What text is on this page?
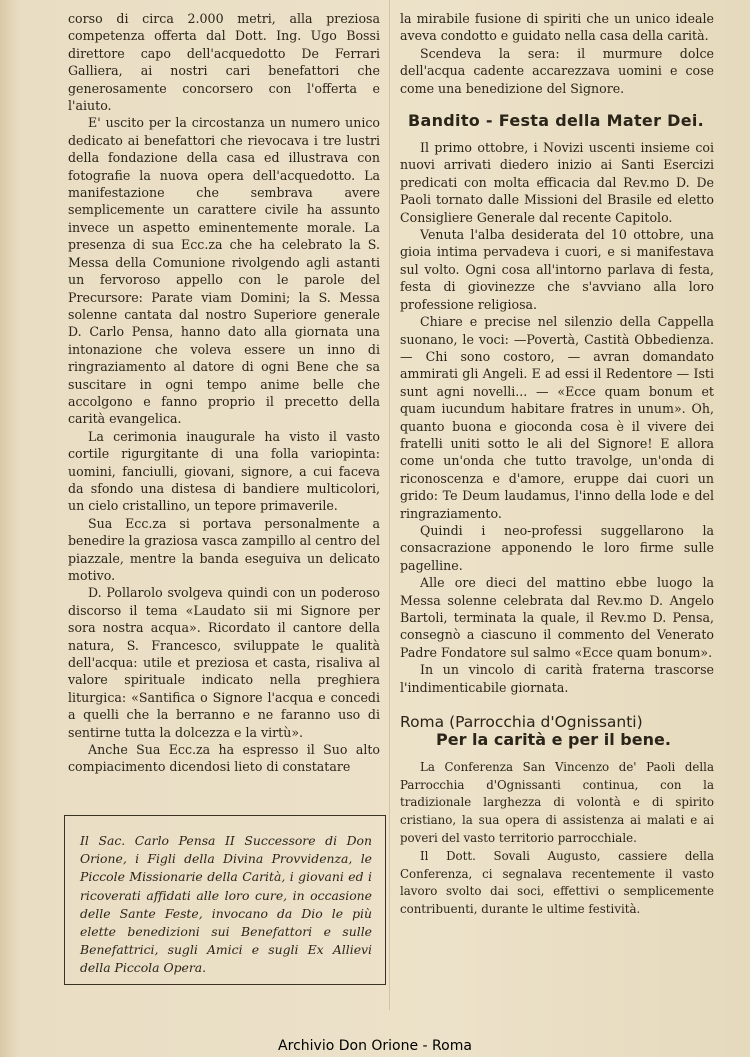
corso di circa 2.000 metri, alla preziosa competenza offerta dal Dott. Ing. Ugo Bossi direttore capo dell'acquedotto De Ferrari Galliera, ai nostri cari benefattori che generosamente concorsero con l'offerta e l'aiuto.

E' uscito per la circostanza un numero unico dedicato ai benefattori che rievocava i tre lustri della fondazione della casa ed illustrava con fotografie la nuova opera dell'acquedotto. La manifestazione che sembrava avere semplicemente un carattere civile ha assunto invece un aspetto eminentemente morale. La presenza di sua Ecc.za che ha celebrato la S. Messa della Comunione rivolgendo agli astanti un fervoroso appello con le parole del Precursore: Parate viam Domini; la S. Messa solenne cantata dal nostro Superiore generale D. Carlo Pensa, hanno dato alla giornata una intonazione che voleva essere un inno di ringraziamento al datore di ogni Bene che sa suscitare in ogni tempo anime belle che accolgono e fanno proprio il precetto della carità evangelica.

La cerimonia inaugurale ha visto il vasto cortile rigurgitante di una folla variopinta: uomini, fanciulli, giovani, signore, a cui faceva da sfondo una distesa di bandiere multicolori, un cielo cristallino, un tepore primaverile.

Sua Ecc.za si portava personalmente a benedire la graziosa vasca zampillo al centro del piazzale, mentre la banda eseguiva un delicato motivo.

D. Pollarolo svolgeva quindi con un poderoso discorso il tema «Laudato sii mi Signore per sora nostra acqua». Ricordato il cantore della natura, S. Francesco, sviluppate le qualità dell'acqua: utile et preziosa et casta, risaliva al valore spirituale indicato nella preghiera liturgica: «Santifica o Signore l'acqua e concedi a quelli che la berranno e ne faranno uso di sentirne tutta la dolcezza e la virtù».

Anche Sua Ecc.za ha espresso il Suo alto compiacimento dicendosi lieto di constatare

Il Sac. Carlo Pensa II Successore di Don Orione, i Figli della Divina Provvidenza, le Piccole Missionarie della Carità, i giovani ed i ricoverati affidati alle loro cure, in occasione delle Sante Feste, invocano da Dio le più elette benedizioni sui Benefattori e sulle Benefattrici, sugli Amici e sugli Ex Allievi della Piccola Opera.

la mirabile fusione di spiriti che un unico ideale aveva condotto e guidato nella casa della carità.

Scendeva la sera: il murmure dolce dell'acqua cadente accarezzava uomini e cose come una benedizione del Signore.

Bandito - Festa della Mater Dei.

Il primo ottobre, i Novizi uscenti insieme coi nuovi arrivati diedero inizio ai Santi Esercizi predicati con molta efficacia dal Rev.mo D. De Paoli tornato dalle Missioni del Brasile ed eletto Consigliere Generale dal recente Capitolo.

Venuta l'alba desiderata del 10 ottobre, una gioia intima pervadeva i cuori, e si manifestava sul volto. Ogni cosa all'intorno parlava di festa, festa di giovinezze che s'avviano alla loro professione religiosa.

Chiare e precise nel silenzio della Cappella suonano, le voci: —Povertà, Castità Obbedienza. — Chi sono costoro, — avran domandato ammirati gli Angeli. E ad essi il Redentore — Isti sunt agni novelli... — «Ecce quam bonum et quam iucundum habitare fratres in unum». Oh, quanto buona e gioconda cosa è il vivere dei fratelli uniti sotto le ali del Signore! E allora come un'onda che tutto travolge, un'onda di riconoscenza e d'amore, eruppe dai cuori un grido: Te Deum laudamus, l'inno della lode e del ringraziamento.

Quindi i neo-professi suggellarono la consacrazione apponendo le loro firme sulle pagelline.

Alle ore dieci del mattino ebbe luogo la Messa solenne celebrata dal Rev.mo D. Angelo Bartoli, terminata la quale, il Rev.mo D. Pensa, consegnò a ciascuno il commento del Venerato Padre Fondatore sul salmo «Ecce quam bonum».

In un vincolo di carità fraterna trascorse l'indimenticabile giornata.

Roma (Parrocchia d'Ognissanti)
Per la carità e per il bene.

La Conferenza San Vincenzo de' Paoli della Parrocchia d'Ognissanti continua, con la tradizionale larghezza di volontà e di spirito cristiano, la sua opera di assistenza ai malati e ai poveri del vasto territorio parrocchiale.

Il Dott. Sovali Augusto, cassiere della Conferenza, ci segnalava recentemente il vasto lavoro svolto dai soci, effettivi o semplicemente contribuenti, durante le ultime festività.

Archivio Don Orione - Roma
